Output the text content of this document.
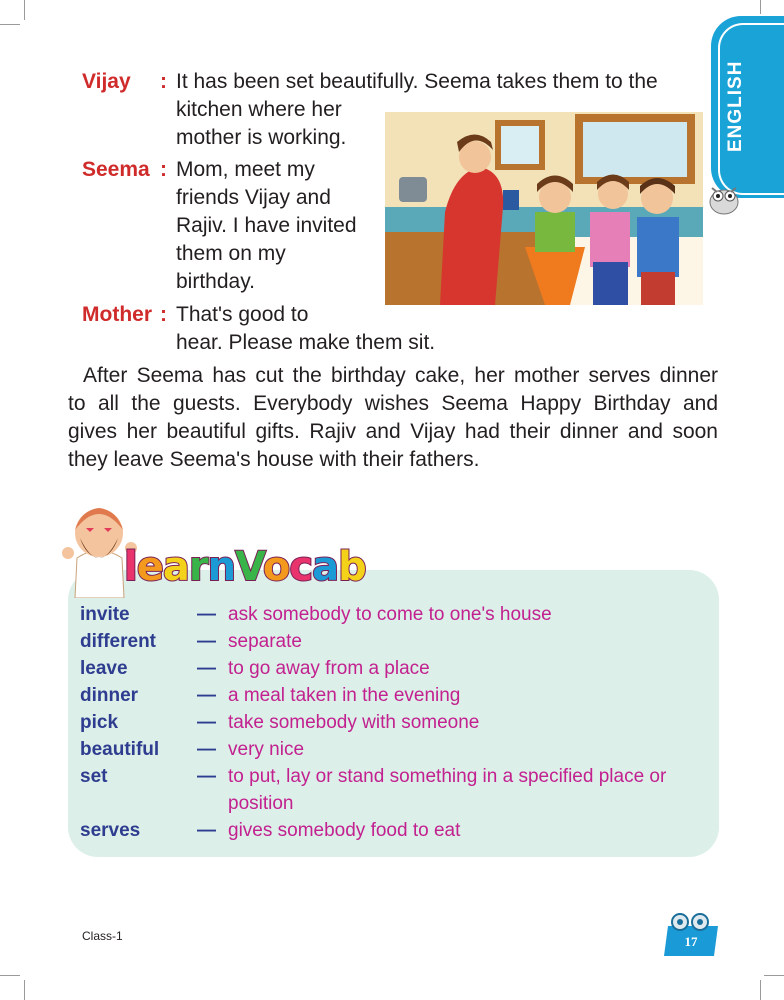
ENGLISH
Vijay : It has been set beautifully. Seema takes them to the
kitchen where her
mother is working.
Seema : Mom, meet my
friends Vijay and
Rajiv. I have invited
them on my
birthday.
Mother : That's good to
hear. Please make them sit.
After Seema has cut the birthday cake, her mother serves dinner
to all the guests. Everybody wishes Seema Happy Birthday and
gives her beautiful gifts. Rajiv and Vijay had their dinner and soon
they leave Seema's house with their fathers.
learnVocab
invite	— ask somebody to come to one's house
different — separate
leave	— to go away from a place
dinner	— a meal taken in the evening
pick	— take somebody with someone
beautiful — very nice
set	— to put, lay or stand something in a specified place or
position
serves	— gives somebody food to eat
Class-1	17
